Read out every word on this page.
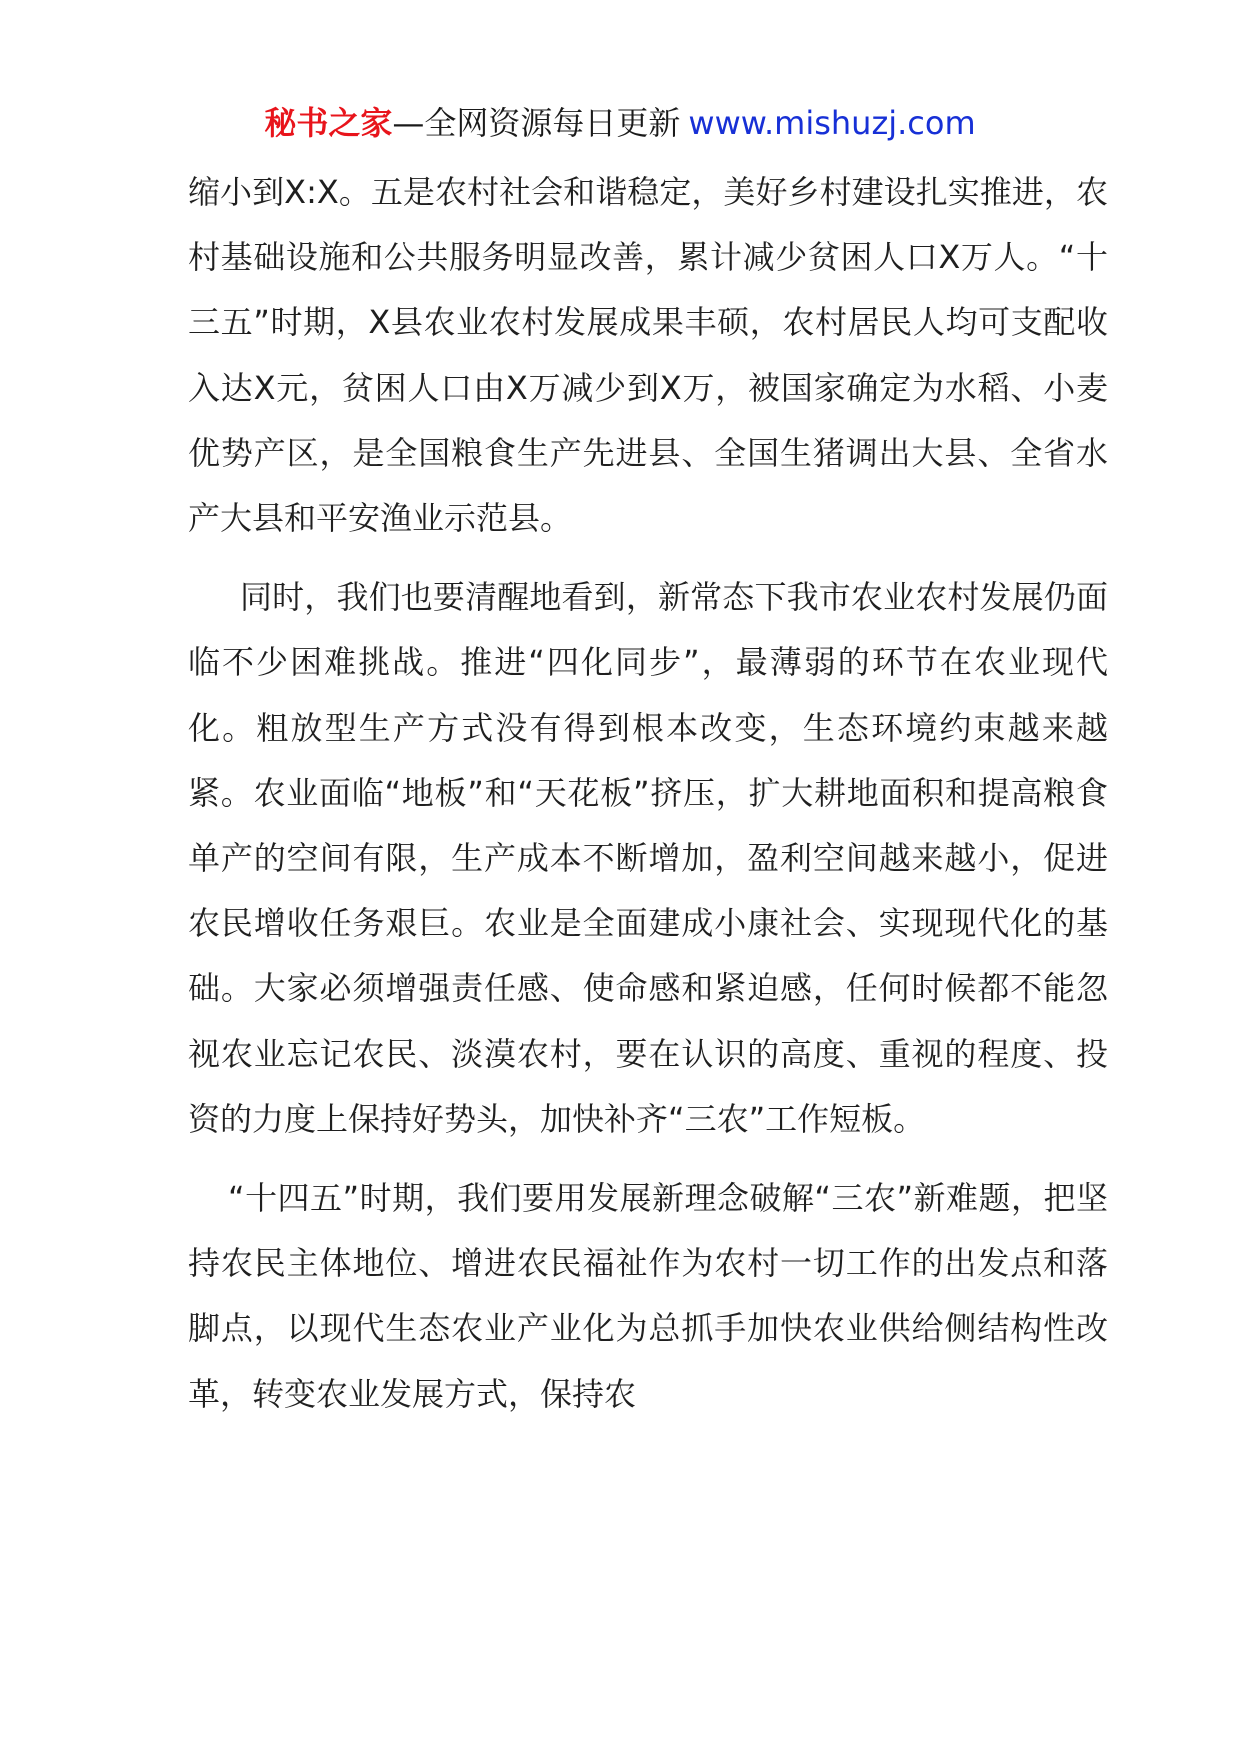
秘书之家—全网资源每日更新 www.mishuzj.com

缩小到X:X。五是农村社会和谐稳定，美好乡村建设扎实推进，农村基础设施和公共服务明显改善，累计减少贫困人口X万人。“十三五”时期，X县农业农村发展成果丰硕，农村居民人均可支配收入达X元，贫困人口由X万减少到X万，被国家确定为水稻、小麦优势产区，是全国粮食生产先进县、全国生猪调出大县、全省水产大县和平安渔业示范县。

同时，我们也要清醒地看到，新常态下我市农业农村发展仍面临不少困难挑战。推进“四化同步”，最薄弱的环节在农业现代化。粗放型生产方式没有得到根本改变，生态环境约束越来越紧。农业面临“地板”和“天花板”挤压，扩大耕地面积和提高粮食单产的空间有限，生产成本不断增加，盈利空间越来越小，促进农民增收任务艰巨。农业是全面建成小康社会、实现现代化的基础。大家必须增强责任感、使命感和紧迫感，任何时候都不能忽视农业忘记农民、淡漠农村，要在认识的高度、重视的程度、投资的力度上保持好势头，加快补齐“三农”工作短板。

“十四五”时期，我们要用发展新理念破解“三农”新难题，把坚持农民主体地位、增进农民福祉作为农村一切工作的出发点和落脚点，以现代生态农业产业化为总抓手加快农业供给侧结构性改革，转变农业发展方式，保持农
